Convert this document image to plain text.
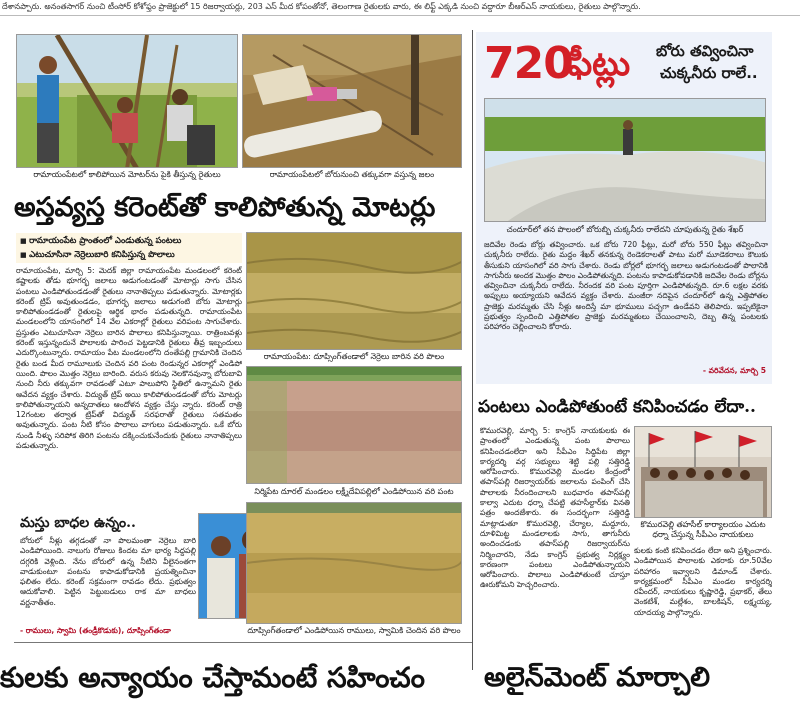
దేశానప్పారు. అనంతసాగర్ నుంచి టీంసోర్ కోశోఫ్తం ప్రాజెక్టులో 15 రిజర్వాయర్లు, 203 ఎస్ మీద కోపంతోనో, తెలంగాణ రైతులకు వారు, ఈ లిఫ్ట్ ఎక్కడి నుంచి వద్దారూ బీఆర్ఎస్ నాయకులు, రైతులు పాల్గొన్నారు.
రామాయంపేటలో కాలిపోయిన మోటర్‌ను పైకి తీస్తున్న రైతులు	రామాయంపేటలో బోరునుంచి తక్కువగా వస్తున్న జలం
అస్తవ్యస్త కరెంట్‌తో కాలిపోతున్న మోటర్లు
■ రామాయంపేట ప్రాంతంలో ఎండుతున్న పంటలు
■ ఎటుచూసినా నెర్రెలుబారి కనిపిస్తున్న పొలాలు
రామాయంపేట, మార్చి 5: మెదక్ జిల్లా రామాయంపేట మండలంలో కరెంట్ కష్టాలకు తోడు భూగర్భ జలాలు అడుగంటడంతో మోటార్లు సాగు చేసిన పంటలు ఎండిపోతుండడంతో రైతులు నానాతిప్పలు పడుతున్నారు. మోటార్లకు కరెంట్ ట్రిప్ అవుతుండడం, భూగర్భ జలాలు అడుగంటి బోరు మోటార్లు కాలిపోతుండడంతో రైతులపై ఆర్థిక భారం పడుతున్నది. రామాయంపేట మండలంలోని యాసంగిలో 14 వేల ఎకరాల్లో రైతులు వరిపంట సాగుచేశారు. ప్రస్తుతం ఎటుచూసినా నెర్రెలు బారిన పొలాలు కనిపిస్తున్నాయి. రాత్రింబవళ్లు కరెంట్ ఇస్తున్నందునే పొలాలకు పారించ పెట్టడానికి రైతులు తీవ్ర ఇబ్బందులు ఎదుర్కొంటున్నారు. రామాయం పేట మండలంలోని దంతేపల్లి గ్రామానికి చెందిన రైతు బండ మీద రామూలుకు చెందిన వరి పంట రెండున్నర ఎకరాల్లో ఎండిపో యింది. పొలం మొత్తం నెర్రెలు బారింది. వరుస కరువు నెలకొనవున్నా బోరుబావి నుంచి నీరు తక్కువగా రావడంతో ఎటూ పాలుపోని స్థితిలో ఉన్నామని రైతు ఆవేదన వ్యక్తం చేశారు. విద్యుత్ ట్రిప్ అయి కాలిపోతుండడంతో బోరు మోటర్లు కాలిపోతున్నాయని అన్నదాతలు ఆందోళన వ్యక్తం చేస్తు న్నారు. కరెంట్ రాత్రి 12గంటల తర్వాత ట్రిప్‌తో విద్యుత్ సరఫరాతో రైతులు సతమతం అవుతున్నారు. పంట నీటి కోసం పొలాలు వాగులు పడుతున్నారు. ఒకే బోరు నుండి నీళ్ళు సరిపోక తిరిగి పంటను దక్కించుకునేందుకు రైతులు నానాతిప్పలు పడుతున్నారు.
రామాయంపేట: దూప్సింగ్‌తండాలో నెర్రెలు బారిన వరి పొలం
నిర్మిపేట దూరల్ మండలం లక్ష్మీదేవిపల్లిలో ఎండిపోయిన వరి పంట
మస్తు బాధల ఉన్నం..
బోరులో నీళ్లు తగ్గడంతో నా పొలమంతా నెర్రెలు బారి ఎండిపోయింది. నాలుగు రోజులు కిందట మా భార్య సిద్దపల్లి దగ్గరికి వెళ్లింది. నేను బోరులో ఉన్న నీటిని వీలైనంతగా వాడుకుంటూ పంటను కాపాడుకోడానికి ప్రయత్నించినా ఫలితం లేదు. కరెంట్ సక్రమంగా రావడం లేదు. ప్రభుత్వం ఆదుకోవాలి. పెట్టిన పెట్టుబడులు రాక మా బాధలు వర్ణనాతీతం.
- రాములు, స్వామి (తండ్రీకొడుకు), దూప్సింగ్‌తండా	దూప్సింగ్‌తండాలో ఎండిపోయిన రాములు, స్వామికి చెందిన వరి పొలం
కులకు అన్యాయం చేస్తామంటే సహించం
720
ఫీట్లు బోరు తవ్వించినా
చుక్కనీరు రాలే..
చందూర్‌లో తన పొలంలో బోరుబ్బి చుక్కనీరు రాలేదని చూపుతున్న రైతు శేఖర్
జదివేల రెండు బోర్లు తవ్వించారు. ఒక బోరు 720 ఫీట్లు, మరో బోరు 550 ఫీట్లు తవ్వించినా చుక్కనీరు రాలేదు. రైతు మద్దం శేఖర్ తనకున్న రెండెకరాలతో పాటు మరో మూడెకరాలు కౌలుకు తీసుకుని యాసంగిలో వరి సాగు చేశారు. రెండు బోర్లలో భూగర్భ జలాలు అడుగంటడంతో పొలానికి సాగునీరు అందక మొత్తం పొలం ఎండిపోతున్నది. పంటను కాపాడుకోవడానికి జదివేల రెండు బోర్లను తవ్వించినా చుక్కనీరు రాలేదు. నీరందక వరి పంట పూర్తిగా ఎండిపోతున్నది. రూ.6 లక్షల వరకు అప్పులు అయ్యాయని ఆవేదన వ్యక్తం చేశారు. మంజీరా నదిపైన చందూర్‌లో ఉన్న ఎత్తిపోతల ప్రాజెక్టు మరమ్మతు చేసి నీళ్లు అందిస్తే మా భూములు పచ్చగా ఉండేవని తెలిపారు. ఇప్పటికైనా ప్రభుత్వం స్పందించి ఎత్తిపోతల ప్రాజెక్టు మరమ్మతులు చేయించాలని, దెబ్బ తిన్న పంటలకు పరిహారం చెల్లించాలని కోరారు.
- వరివేదన, మార్చి 5
పంటలు ఎండిపోతుంటే కనిపించడం లేదా..
కొమురవెల్లి, మార్చి 5: కాంగ్రెస్ నాయకులకు ఈ ప్రాంతంలో ఎండుతున్న పంట పొలాలు కనిపించడంలేదా అని సీపీఎం సిద్దిపేట జిల్లా కార్యదర్శి వర్గ సభ్యులు శెట్టి పల్లి సత్తిరెడ్డి ఆరోపించారు. కొమురవెల్లి మండల కేంద్రంలో తపాస్‌పల్లి రిజర్వాయర్‌కు జలాలను పంపింగ్ చేసి పొలాలకు నీరందించాలని బుధవారం తపాస్‌పల్లి కాల్వా ఎదుట ధర్నా చేపట్టి తహసీల్దార్‌కు వినతి పత్రం అందజేశారు. ఈ సందర్భంగా సత్తిరెడ్డి మాట్లాడుతూ కొమురవెల్లి, చేర్యాల, మద్దూరు, దూళిమిట్ట మండలాలకు సాగు, తాగునీరు అందించడంకు తపాస్‌పల్లి రిజర్వాయర్‌ను నిర్మించారని, నేడు కాంగ్రెస్ ప్రభుత్వ నిర్లక్ష్యం కారణంగా పంటలు ఎండిపోతున్నాయని ఆరోపించారు. పొలాలు ఎండిపోతుంటే చూస్తూ ఊరుకోమని హెచ్చరించారు.
కొమురవెల్లి తహసీల్ కార్యాలయం ఎదుట ధర్నా చేస్తున్న సీపీఎం నాయకులు
కులకు కంటి కనిపించడం లేదా అని ప్రశ్నించారు. ఎండిపోయిన పొలాలకు ఎకరాకు రూ.50వేల పరిహారం ఇవ్వాలని డిమాండ్ చేశారు. కార్యక్రమంలో సీపీఎం మండల కార్యదర్శి రవీందర్, నాయకులు కృష్ణారెడ్డి, ప్రభాకర్, తేలు వెంకటేశ్, మల్లేశం, బాలకిషన్, లక్ష్మయ్య, యాదయ్య పాల్గొన్నారు.
అలైన్‌మెంట్ మార్చాలి
